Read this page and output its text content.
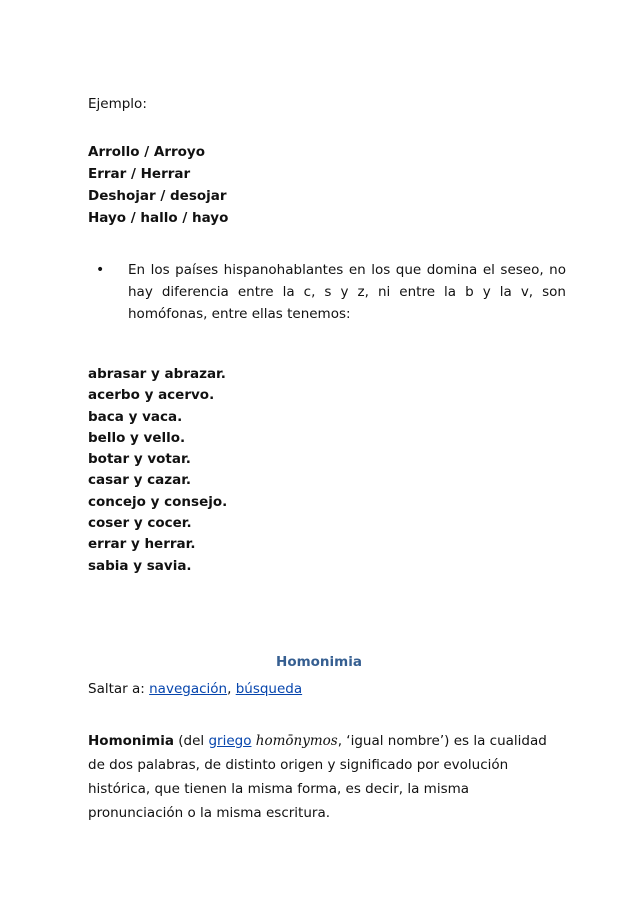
Ejemplo:

Arrollo / Arroyo
Errar / Herrar
Deshojar / desojar
Hayo / hallo / hayo
• En los países hispanohablantes en los que domina el seseo, no hay diferencia entre la c, s y z, ni entre la b y la v, son homófonas, entre ellas tenemos:
abrasar y abrazar.
acerbo y acervo.
baca y vaca.
bello y vello.
botar y votar.
casar y cazar.
concejo y consejo.
coser y cocer.
errar y herrar.
sabia y savia.
Homonimia

Saltar a: navegación, búsqueda

Homonimia (del griego homōnymos, ‘igual nombre’) es la cualidad de dos palabras, de distinto origen y significado por evolución histórica, que tienen la misma forma, es decir, la misma pronunciación o la misma escritura.
